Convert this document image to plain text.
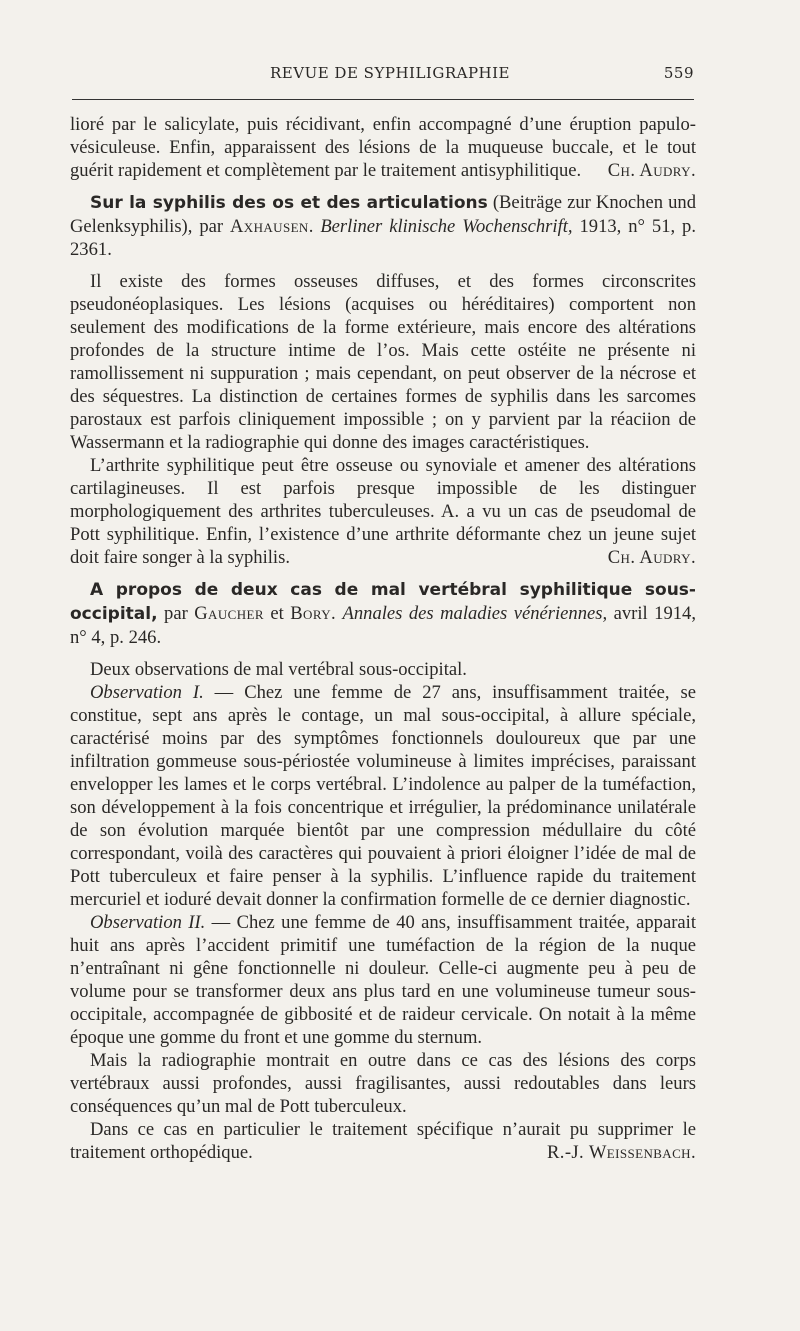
REVUE DE SYPHILIGRAPHIE	559

lioré par le salicylate, puis récidivant, enfin accompagné d’une éruption papulo-vésiculeuse. Enfin, apparaissent des lésions de la muqueuse buccale, et le tout guérit rapidement et complètement par le traitement antisyphilitique. Ch. Audry.

Sur la syphilis des os et des articulations (Beiträge zur Knochen und Gelenksyphilis), par Axhausen. Berliner klinische Wochenschrift, 1913, n° 51, p. 2361.

Il existe des formes osseuses diffuses, et des formes circonscrites pseudonéoplasiques. Les lésions (acquises ou héréditaires) comportent non seulement des modifications de la forme extérieure, mais encore des altérations profondes de la structure intime de l’os. Mais cette ostéite ne présente ni ramollissement ni suppuration ; mais cependant, on peut observer de la nécrose et des séquestres. La distinction de certaines formes de syphilis dans les sarcomes parostaux est parfois cliniquement impossible ; on y parvient par la réaciion de Wassermann et la radiographie qui donne des images caractéristiques.

L’arthrite syphilitique peut être osseuse ou synoviale et amener des altérations cartilagineuses. Il est parfois presque impossible de les distinguer morphologiquement des arthrites tuberculeuses. A. a vu un cas de pseudomal de Pott syphilitique. Enfin, l’existence d’une arthrite déformante chez un jeune sujet doit faire songer à la syphilis.	Ch. Audry.

A propos de deux cas de mal vertébral syphilitique sous-occipital, par Gaucher et Bory. Annales des maladies vénériennes, avril 1914, n° 4, p. 246.

Deux observations de mal vertébral sous-occipital.

Observation I. — Chez une femme de 27 ans, insuffisamment traitée, se constitue, sept ans après le contage, un mal sous-occipital, à allure spéciale, caractérisé moins par des symptômes fonctionnels douloureux que par une infiltration gommeuse sous-périostée volumineuse à limites imprécises, paraissant envelopper les lames et le corps vertébral. L’indolence au palper de la tuméfaction, son développement à la fois concentrique et irrégulier, la prédominance unilatérale de son évolution marquée bientôt par une compression médullaire du côté correspondant, voilà des caractères qui pouvaient à priori éloigner l’idée de mal de Pott tuberculeux et faire penser à la syphilis. L’influence rapide du traitement mercuriel et ioduré devait donner la confirmation formelle de ce dernier diagnostic.

Observation II. — Chez une femme de 40 ans, insuffisamment traitée, apparait huit ans après l’accident primitif une tuméfaction de la région de la nuque n’entraînant ni gêne fonctionnelle ni douleur. Celle-ci augmente peu à peu de volume pour se transformer deux ans plus tard en une volumineuse tumeur sous-occipitale, accompagnée de gibbosité et de raideur cervicale. On notait à la même époque une gomme du front et une gomme du sternum.

Mais la radiographie montrait en outre dans ce cas des lésions des corps vertébraux aussi profondes, aussi fragilisantes, aussi redoutables dans leurs conséquences qu’un mal de Pott tuberculeux.

Dans ce cas en particulier le traitement spécifique n’aurait pu supprimer le traitement orthopédique.	R.-J. Weissenbach.
